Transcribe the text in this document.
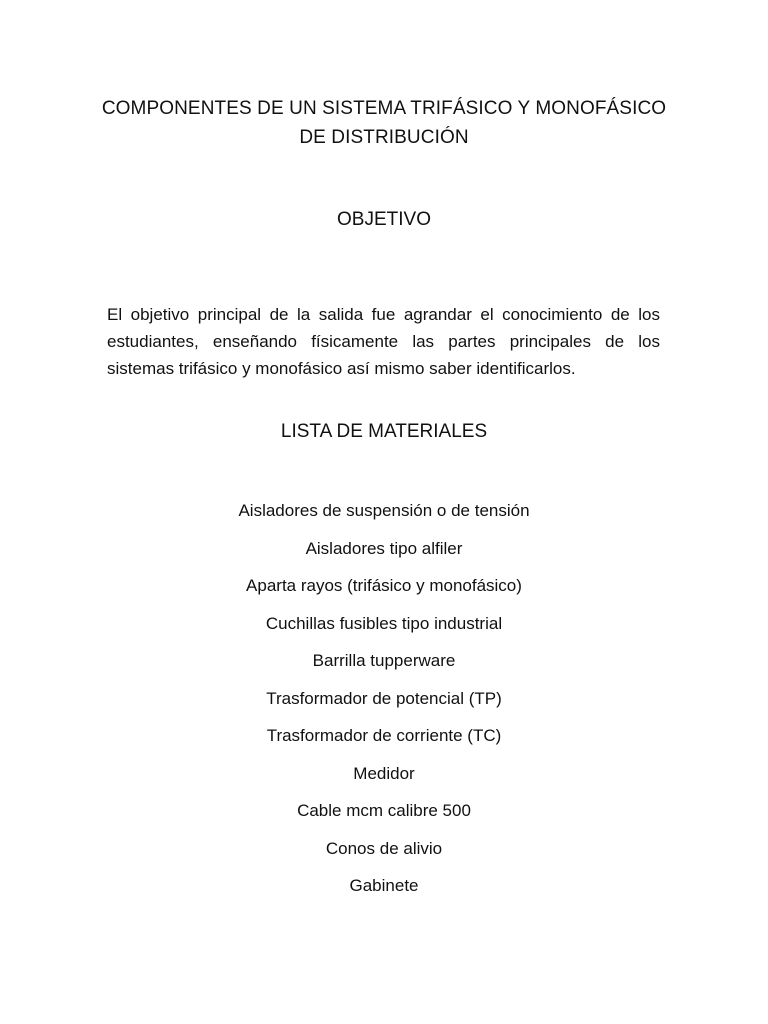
COMPONENTES DE UN SISTEMA TRIFÁSICO Y MONOFÁSICO
DE DISTRIBUCIÓN
OBJETIVO

El objetivo principal de la salida fue agrandar el conocimiento de los estudiantes, enseñando físicamente las partes principales de los sistemas trifásico y monofásico así mismo saber identificarlos.

LISTA DE MATERIALES
Aisladores de suspensión o de tensión
Aisladores tipo alfiler
Aparta rayos (trifásico y monofásico)
Cuchillas fusibles tipo industrial
Barrilla tupperware
Trasformador de potencial (TP)
Trasformador de corriente (TC)
Medidor
Cable mcm calibre 500
Conos de alivio
Gabinete
